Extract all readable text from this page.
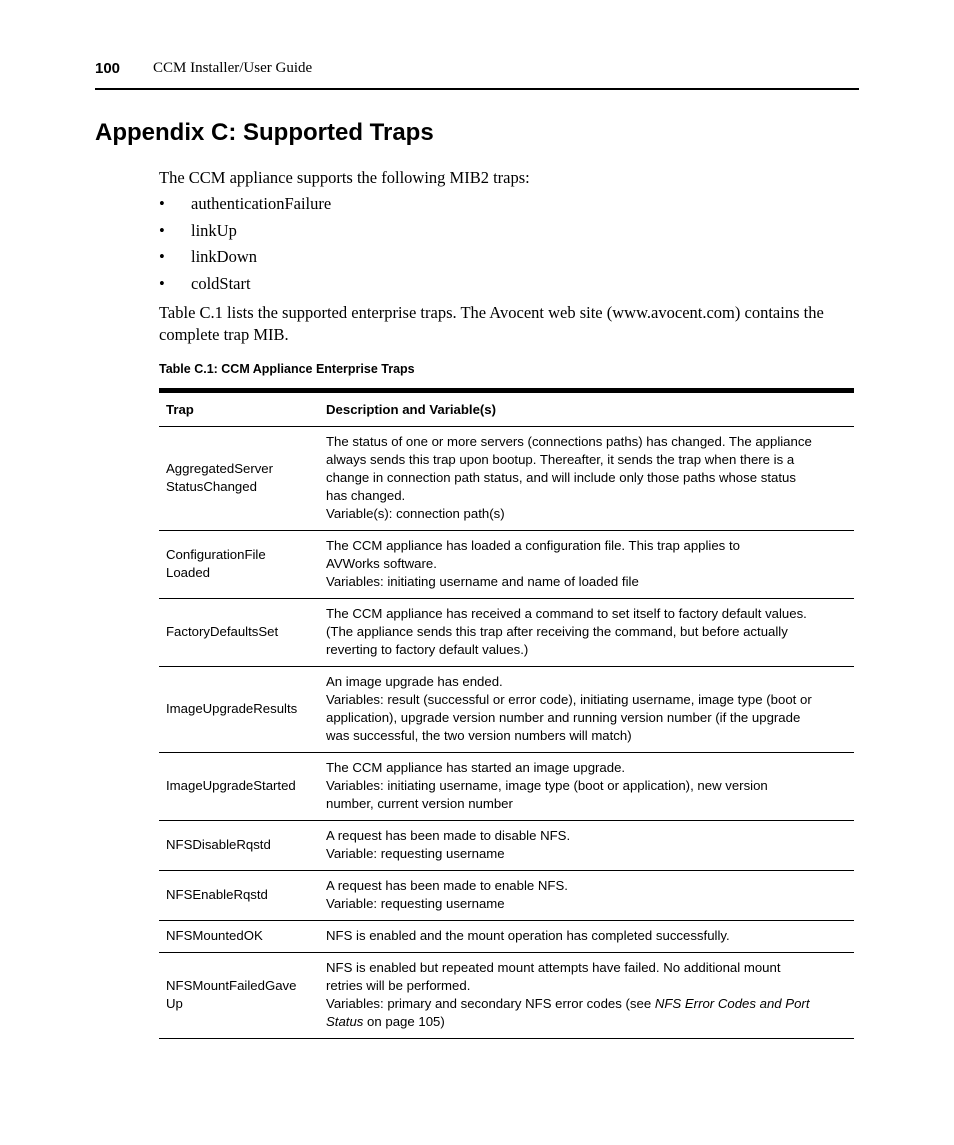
100 CCM Installer/User Guide
Appendix C: Supported Traps

The CCM appliance supports the following MIB2 traps:

• authenticationFailure
• linkUp
• linkDown
• coldStart

Table C.1 lists the supported enterprise traps. The Avocent web site (www.avocent.com) contains the complete trap MIB.

Table C.1: CCM Appliance Enterprise Traps
Trap	Description and Variable(s)

AggregatedServer
StatusChanged	The status of one or more servers (connections paths) has changed. The appliance
always sends this trap upon bootup. Thereafter, it sends the trap when there is a
change in connection path status, and will include only those paths whose status
has changed.
Variable(s): connection path(s)

ConfigurationFile
Loaded	The CCM appliance has loaded a configuration file. This trap applies to
AVWorks software.
Variables: initiating username and name of loaded file

FactoryDefaultsSet	The CCM appliance has received a command to set itself to factory default values.
(The appliance sends this trap after receiving the command, but before actually
reverting to factory default values.)

ImageUpgradeResults	An image upgrade has ended.
Variables: result (successful or error code), initiating username, image type (boot or
application), upgrade version number and running version number (if the upgrade
was successful, the two version numbers will match)

ImageUpgradeStarted	The CCM appliance has started an image upgrade.
Variables: initiating username, image type (boot or application), new version
number, current version number

NFSDisableRqstd	A request has been made to disable NFS.
Variable: requesting username

NFSEnableRqstd	A request has been made to enable NFS.
Variable: requesting username

NFSMountedOK	NFS is enabled and the mount operation has completed successfully.

NFSMountFailedGave
Up	NFS is enabled but repeated mount attempts have failed. No additional mount
retries will be performed.
Variables: primary and secondary NFS error codes (see NFS Error Codes and Port
Status on page 105)
